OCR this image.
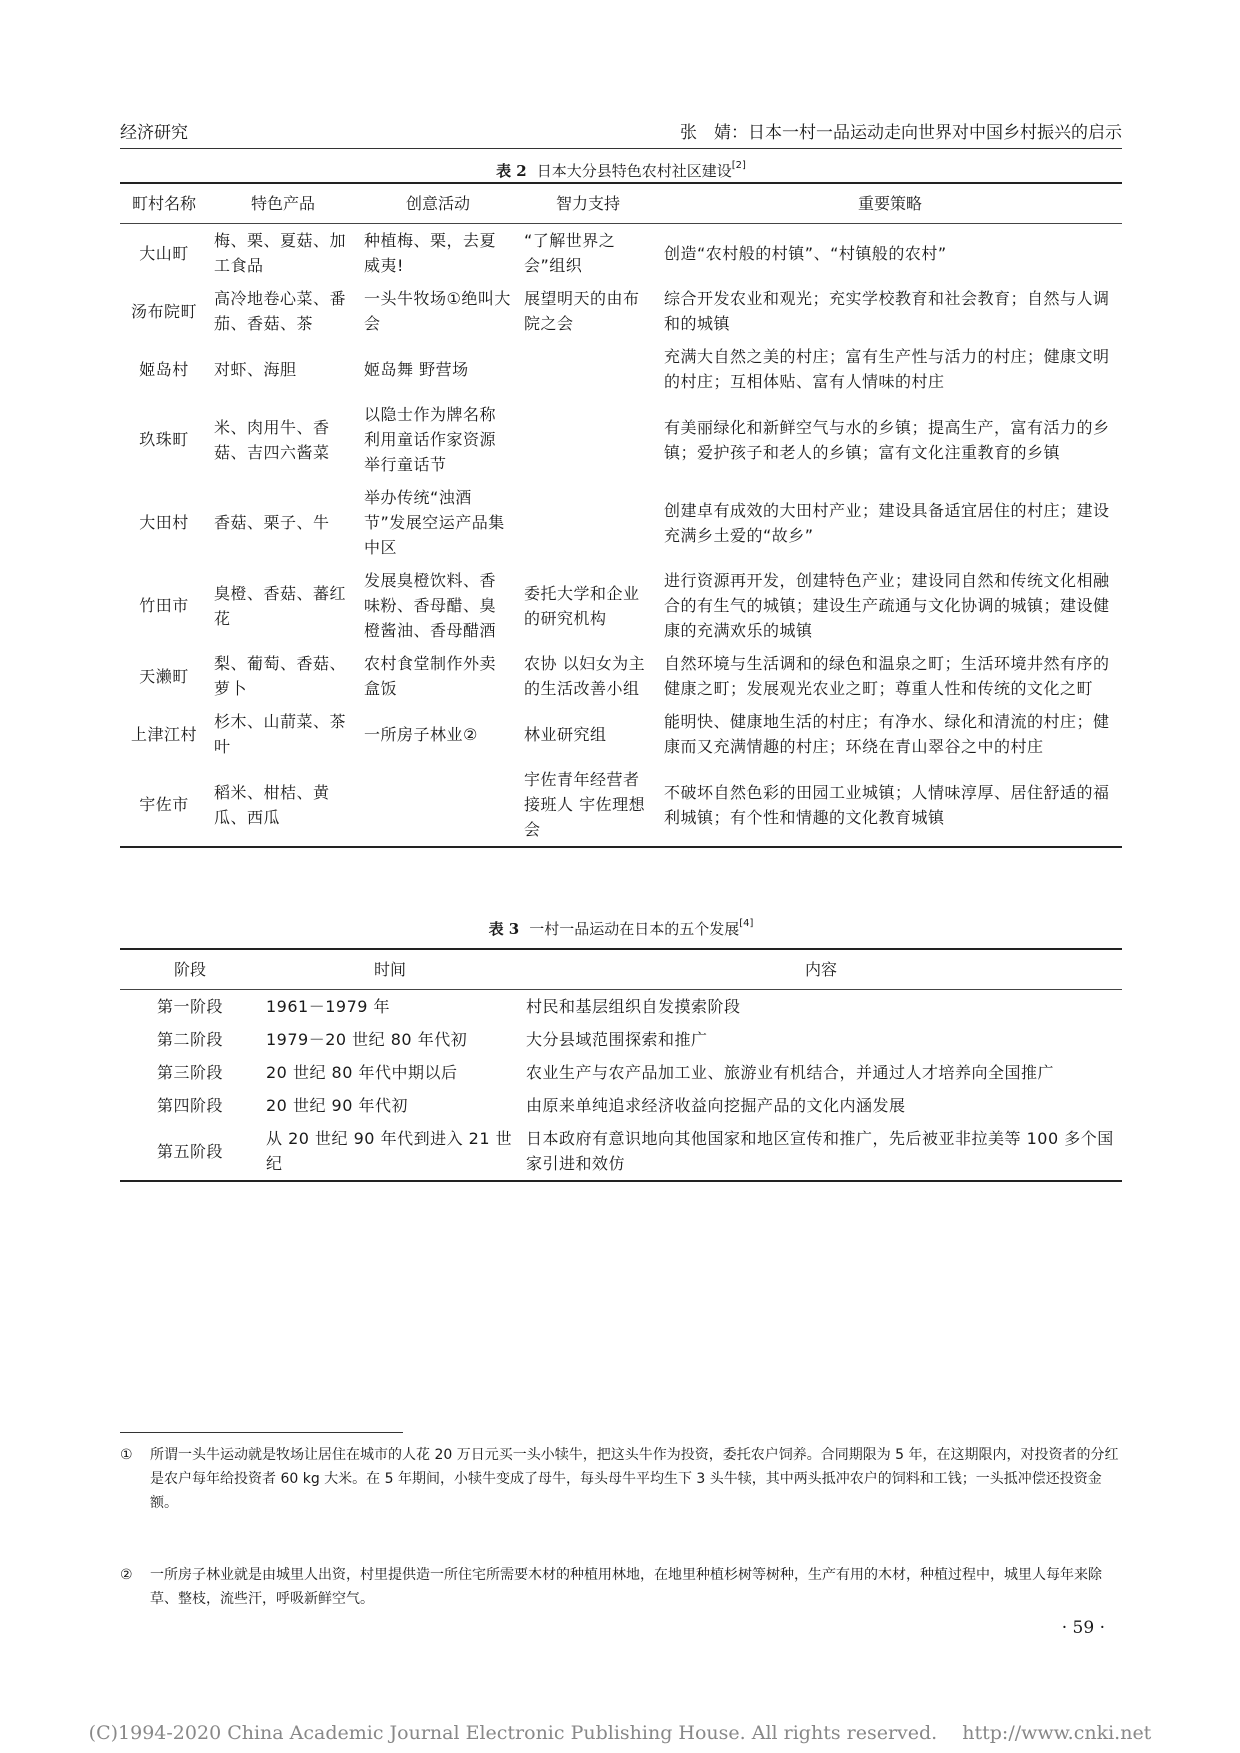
经济研究	张　婧：日本一村一品运动走向世界对中国乡村振兴的启示
表 2 日本大分县特色农村社区建设[2]
町村名称	特色产品	创意活动	智力支持	重要策略
大山町	梅、栗、夏菇、加工食品	种植梅、栗，去夏威夷!	“了解世界之会”组织	创造“农村般的村镇”、“村镇般的农村”
汤布院町	高冷地卷心菜、番茄、香菇、茶	一头牛牧场①绝叫大会	展望明天的由布院之会	综合开发农业和观光；充实学校教育和社会教育；自然与人调和的城镇
姬岛村	对虾、海胆	姬岛舞 野营场		充满大自然之美的村庄；富有生产性与活力的村庄；健康文明的村庄；互相体贴、富有人情味的村庄
玖珠町	米、肉用牛、香菇、吉四六酱菜	以隐士作为牌名称利用童话作家资源举行童话节		有美丽绿化和新鲜空气与水的乡镇；提高生产，富有活力的乡镇；爱护孩子和老人的乡镇；富有文化注重教育的乡镇
大田村	香菇、栗子、牛	举办传统“浊酒节”发展空运产品集中区		创建卓有成效的大田村产业；建设具备适宜居住的村庄；建设充满乡土爱的“故乡”
竹田市	臭橙、香菇、蕃红花	发展臭橙饮料、香味粉、香母醋、臭橙酱油、香母醋酒	委托大学和企业的研究机构	进行资源再开发，创建特色产业；建设同自然和传统文化相融合的有生气的城镇；建设生产疏通与文化协调的城镇；建设健康的充满欢乐的城镇
天濑町	梨、葡萄、香菇、萝卜	农村食堂制作外卖盒饭	农协 以妇女为主的生活改善小组	自然环境与生活调和的绿色和温泉之町；生活环境井然有序的健康之町；发展观光农业之町；尊重人性和传统的文化之町
上津江村	杉木、山葥菜、茶叶	一所房子林业②	林业研究组	能明快、健康地生活的村庄；有净水、绿化和清流的村庄；健康而又充满情趣的村庄；环绕在青山翠谷之中的村庄
宇佐市	稻米、柑桔、黄瓜、西瓜		宇佐青年经营者接班人 宇佐理想会	不破坏自然色彩的田园工业城镇；人情味淳厚、居住舒适的福利城镇；有个性和情趣的文化教育城镇
表 3 一村一品运动在日本的五个发展[4]
阶段	时间	内容
第一阶段	1961－1979 年	村民和基层组织自发摸索阶段
第二阶段	1979－20 世纪 80 年代初	大分县域范围探索和推广
第三阶段	20 世纪 80 年代中期以后	农业生产与农产品加工业、旅游业有机结合，并通过人才培养向全国推广
第四阶段	20 世纪 90 年代初	由原来单纯追求经济收益向挖掘产品的文化内涵发展
第五阶段	从 20 世纪 90 年代到进入 21 世纪	日本政府有意识地向其他国家和地区宣传和推广，先后被亚非拉美等 100 多个国家引进和效仿
① 所谓一头牛运动就是牧场让居住在城市的人花 20 万日元买一头小犊牛，把这头牛作为投资，委托农户饲养。合同期限为 5 年，在这期限内，对投资者的分红是农户每年给投资者 60 kg 大米。在 5 年期间，小犊牛变成了母牛，每头母牛平均生下 3 头牛犊，其中两头抵冲农户的饲料和工钱；一头抵冲偿还投资金额。
② 一所房子林业就是由城里人出资，村里提供造一所住宅所需要木材的种植用林地，在地里种植杉树等树种，生产有用的木材，种植过程中，城里人每年来除草、整枝，流些汗，呼吸新鲜空气。
· 59 ·
(C)1994-2020 China Academic Journal Electronic Publishing House. All rights reserved.　 http://www.cnki.net
